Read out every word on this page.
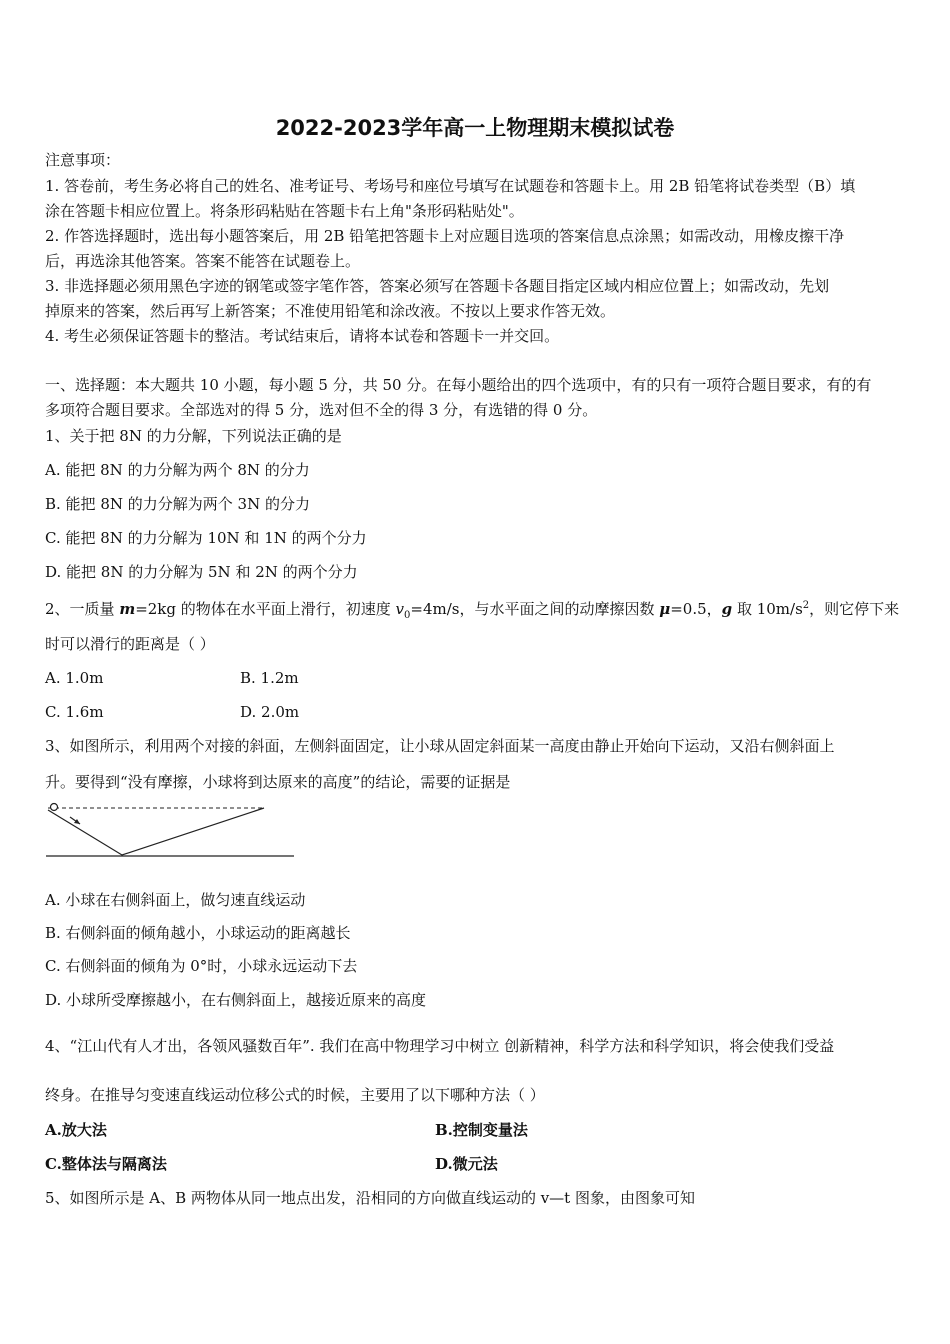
2022-2023学年高一上物理期末模拟试卷
注意事项：
1. 答卷前，考生务必将自己的姓名、准考证号、考场号和座位号填写在试题卷和答题卡上。用 2B 铅笔将试卷类型（B）填
涂在答题卡相应位置上。将条形码粘贴在答题卡右上角"条形码粘贴处"。
2. 作答选择题时，选出每小题答案后，用 2B 铅笔把答题卡上对应题目选项的答案信息点涂黑；如需改动，用橡皮擦干净
后，再选涂其他答案。答案不能答在试题卷上。
3. 非选择题必须用黑色字迹的钢笔或签字笔作答，答案必须写在答题卡各题目指定区域内相应位置上；如需改动，先划
掉原来的答案，然后再写上新答案；不准使用铅笔和涂改液。不按以上要求作答无效。
4. 考生必须保证答题卡的整洁。考试结束后，请将本试卷和答题卡一并交回。
一、选择题：本大题共 10 小题，每小题 5 分，共 50 分。在每小题给出的四个选项中，有的只有一项符合题目要求，有的有
多项符合题目要求。全部选对的得 5 分，选对但不全的得 3 分，有选错的得 0 分。
1、关于把 8N 的力分解，下列说法正确的是
A. 能把 8N 的力分解为两个 8N 的分力
B. 能把 8N 的力分解为两个 3N 的分力
C. 能把 8N 的力分解为 10N 和 1N 的两个分力
D. 能把 8N 的力分解为 5N 和 2N 的两个分力
2、一质量 m=2kg 的物体在水平面上滑行，初速度 $v_0=4m/s$，与水平面之间的动摩擦因数 μ=0.5，g 取 $10m/s^2$，则它停下来
时可以滑行的距离是（ ）
A. 1.0m	B. 1.2m
C. 1.6m	D. 2.0m
3、如图所示，利用两个对接的斜面，左侧斜面固定，让小球从固定斜面某一高度由静止开始向下运动，又沿右侧斜面上
升。要得到“没有摩擦，小球将到达原来的高度”的结论，需要的证据是
A. 小球在右侧斜面上，做匀速直线运动
B. 右侧斜面的倾角越小，小球运动的距离越长
C. 右侧斜面的倾角为 0°时，小球永远运动下去
D. 小球所受摩擦越小，在右侧斜面上，越接近原来的高度
4、“江山代有人才出，各领风骚数百年”. 我们在高中物理学习中树立 创新精神，科学方法和科学知识，将会使我们受益
终身。在推导匀变速直线运动位移公式的时候，主要用了以下哪种方法（ ）
A.放大法	B.控制变量法
C.整体法与隔离法	D.微元法
5、如图所示是 A、B 两物体从同一地点出发，沿相同的方向做直线运动的 v—t 图象，由图象可知
